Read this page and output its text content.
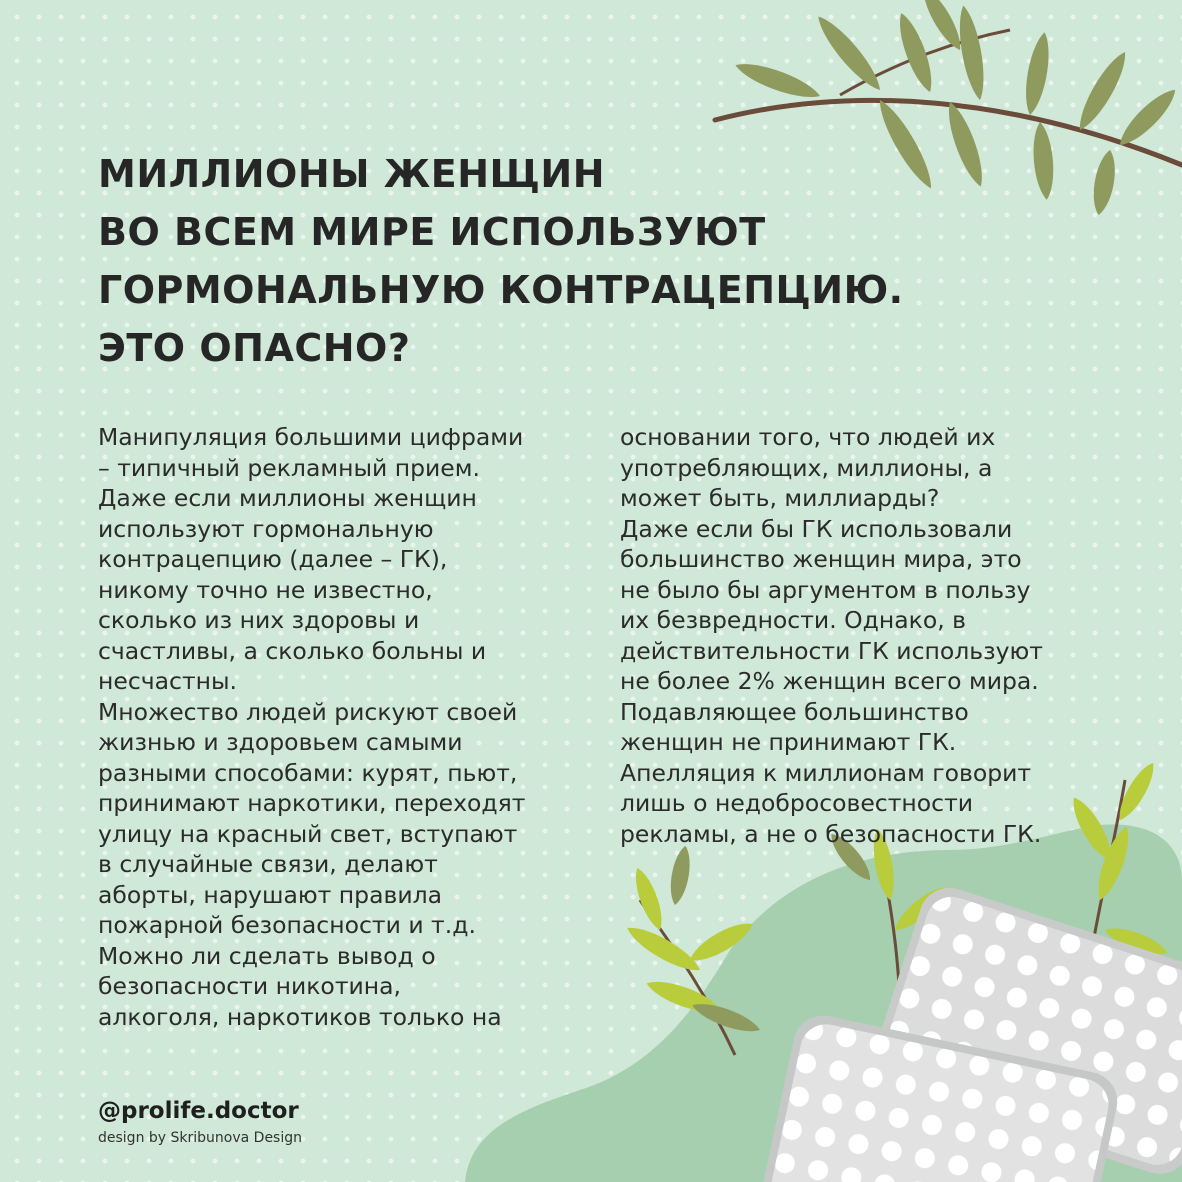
МИЛЛИОНЫ ЖЕНЩИН
ВО ВСЕМ МИРЕ ИСПОЛЬЗУЮТ
ГОРМОНАЛЬНУЮ КОНТРАЦЕПЦИЮ.
ЭТО ОПАСНО?
Манипуляция большими цифрами
– типичный рекламный прием.
Даже если миллионы женщин
используют гормональную
контрацепцию (далее – ГК),
никому точно не известно,
сколько из них здоровы и
счастливы, а сколько больны и
несчастны.
Множество людей рискуют своей
жизнью и здоровьем самыми
разными способами: курят, пьют,
принимают наркотики, переходят
улицу на красный свет, вступают
в случайные связи, делают
аборты, нарушают правила
пожарной безопасности и т.д.
Можно ли сделать вывод о
безопасности никотина,
алкоголя, наркотиков только на
основании того, что людей их
употребляющих, миллионы, а
может быть, миллиарды?
Даже если бы ГК использовали
большинство женщин мира, это
не было бы аргументом в пользу
их безвредности. Однако, в
действительности ГК используют
не более 2% женщин всего мира.
Подавляющее большинство
женщин не принимают ГК.
Апелляция к миллионам говорит
лишь о недобросовестности
рекламы, а не о безопасности ГК.
@prolife.doctor
design by Skribunova Design
